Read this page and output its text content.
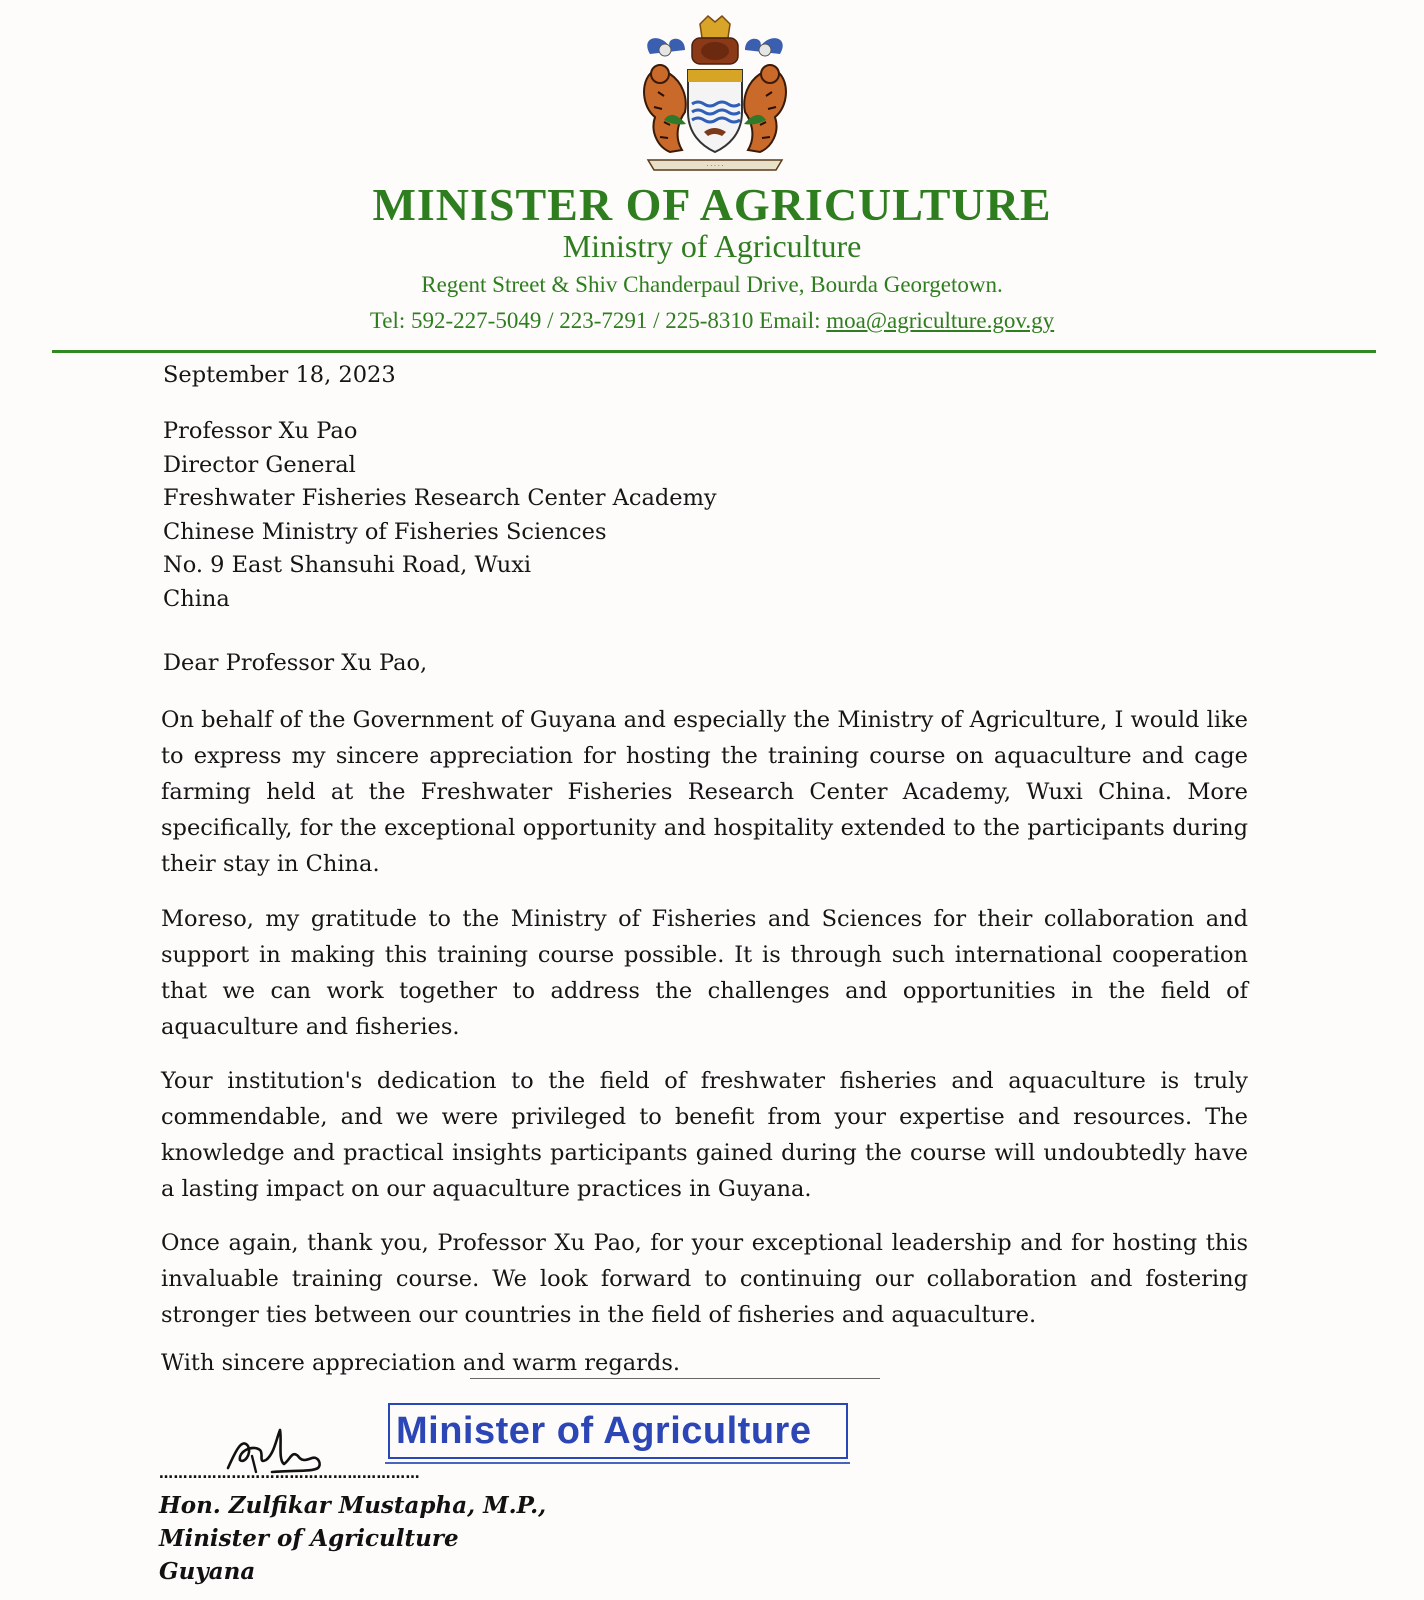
· · · · ·
MINISTER OF AGRICULTURE
Ministry of Agriculture
Regent Street & Shiv Chanderpaul Drive, Bourda Georgetown.
Tel: 592-227-5049 / 223-7291 / 225-8310 Email: moa@agriculture.gov.gy
September 18, 2023
Professor Xu Pao
Director General
Freshwater Fisheries Research Center Academy
Chinese Ministry of Fisheries Sciences
No. 9 East Shansuhi Road, Wuxi
China
Dear Professor Xu Pao,
On behalf of the Government of Guyana and especially the Ministry of Agriculture, I would like to express my sincere appreciation for hosting the training course on aquaculture and cage farming held at the Freshwater Fisheries Research Center Academy, Wuxi China. More specifically, for the exceptional opportunity and hospitality extended to the participants during their stay in China.
Moreso, my gratitude to the Ministry of Fisheries and Sciences for their collaboration and support in making this training course possible. It is through such international cooperation that we can work together to address the challenges and opportunities in the field of aquaculture and fisheries.
Your institution's dedication to the field of freshwater fisheries and aquaculture is truly commendable, and we were privileged to benefit from your expertise and resources. The knowledge and practical insights participants gained during the course will undoubtedly have a lasting impact on our aquaculture practices in Guyana.
Once again, thank you, Professor Xu Pao, for your exceptional leadership and for hosting this invaluable training course. We look forward to continuing our collaboration and fostering stronger ties between our countries in the field of fisheries and aquaculture.
With sincere appreciation and warm regards.
Minister of Agriculture
………………………………………………
Hon. Zulfikar Mustapha, M.P.,
Minister of Agriculture
Guyana
